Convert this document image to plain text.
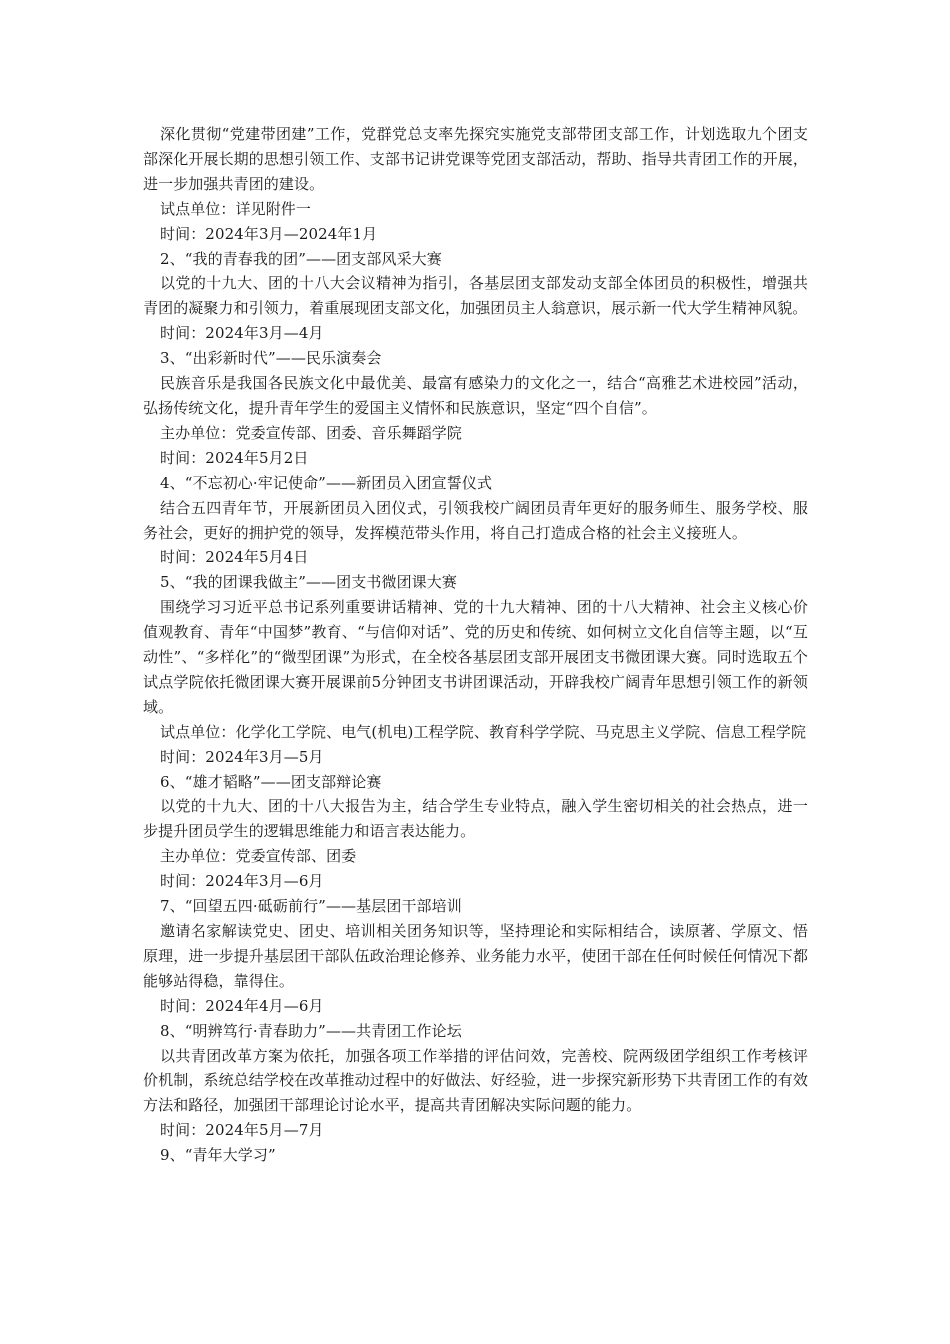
深化贯彻“党建带团建”工作，党群党总支率先探究实施党支部带团支部工作，计划选取九个团支部深化开展长期的思想引领工作、支部书记讲党课等党团支部活动，帮助、指导共青团工作的开展，进一步加强共青团的建设。

试点单位：详见附件一

时间：2024年3月—2024年1月

2、“我的青春我的团”——团支部风采大赛

以党的十九大、团的十八大会议精神为指引，各基层团支部发动支部全体团员的积极性，增强共青团的凝聚力和引领力，着重展现团支部文化，加强团员主人翁意识，展示新一代大学生精神风貌。

时间：2024年3月—4月

3、“出彩新时代”——民乐演奏会

民族音乐是我国各民族文化中最优美、最富有感染力的文化之一，结合“高雅艺术进校园”活动，弘扬传统文化，提升青年学生的爱国主义情怀和民族意识，坚定“四个自信”。

主办单位：党委宣传部、团委、音乐舞蹈学院

时间：2024年5月2日

4、“不忘初心·牢记使命”——新团员入团宣誓仪式

结合五四青年节，开展新团员入团仪式，引领我校广阔团员青年更好的服务师生、服务学校、服务社会，更好的拥护党的领导，发挥模范带头作用，将自己打造成合格的社会主义接班人。

时间：2024年5月4日

5、“我的团课我做主”——团支书微团课大赛

围绕学习习近平总书记系列重要讲话精神、党的十九大精神、团的十八大精神、社会主义核心价值观教育、青年“中国梦”教育、“与信仰对话”、党的历史和传统、如何树立文化自信等主题，以“互动性”、“多样化”的“微型团课”为形式，在全校各基层团支部开展团支书微团课大赛。同时选取五个试点学院依托微团课大赛开展课前5分钟团支书讲团课活动，开辟我校广阔青年思想引领工作的新领域。

试点单位：化学化工学院、电气(机电)工程学院、教育科学学院、马克思主义学院、信息工程学院

时间：2024年3月—5月

6、“雄才韬略”——团支部辩论赛

以党的十九大、团的十八大报告为主，结合学生专业特点，融入学生密切相关的社会热点，进一步提升团员学生的逻辑思维能力和语言表达能力。

主办单位：党委宣传部、团委

时间：2024年3月—6月

7、“回望五四·砥砺前行”——基层团干部培训

邀请名家解读党史、团史、培训相关团务知识等，坚持理论和实际相结合，读原著、学原文、悟原理，进一步提升基层团干部队伍政治理论修养、业务能力水平，使团干部在任何时候任何情况下都能够站得稳，靠得住。

时间：2024年4月—6月

8、“明辨笃行·青春助力”——共青团工作论坛

以共青团改革方案为依托，加强各项工作举措的评估问效，完善校、院两级团学组织工作考核评价机制，系统总结学校在改革推动过程中的好做法、好经验，进一步探究新形势下共青团工作的有效方法和路径，加强团干部理论讨论水平，提高共青团解决实际问题的能力。

时间：2024年5月—7月

9、“青年大学习”
